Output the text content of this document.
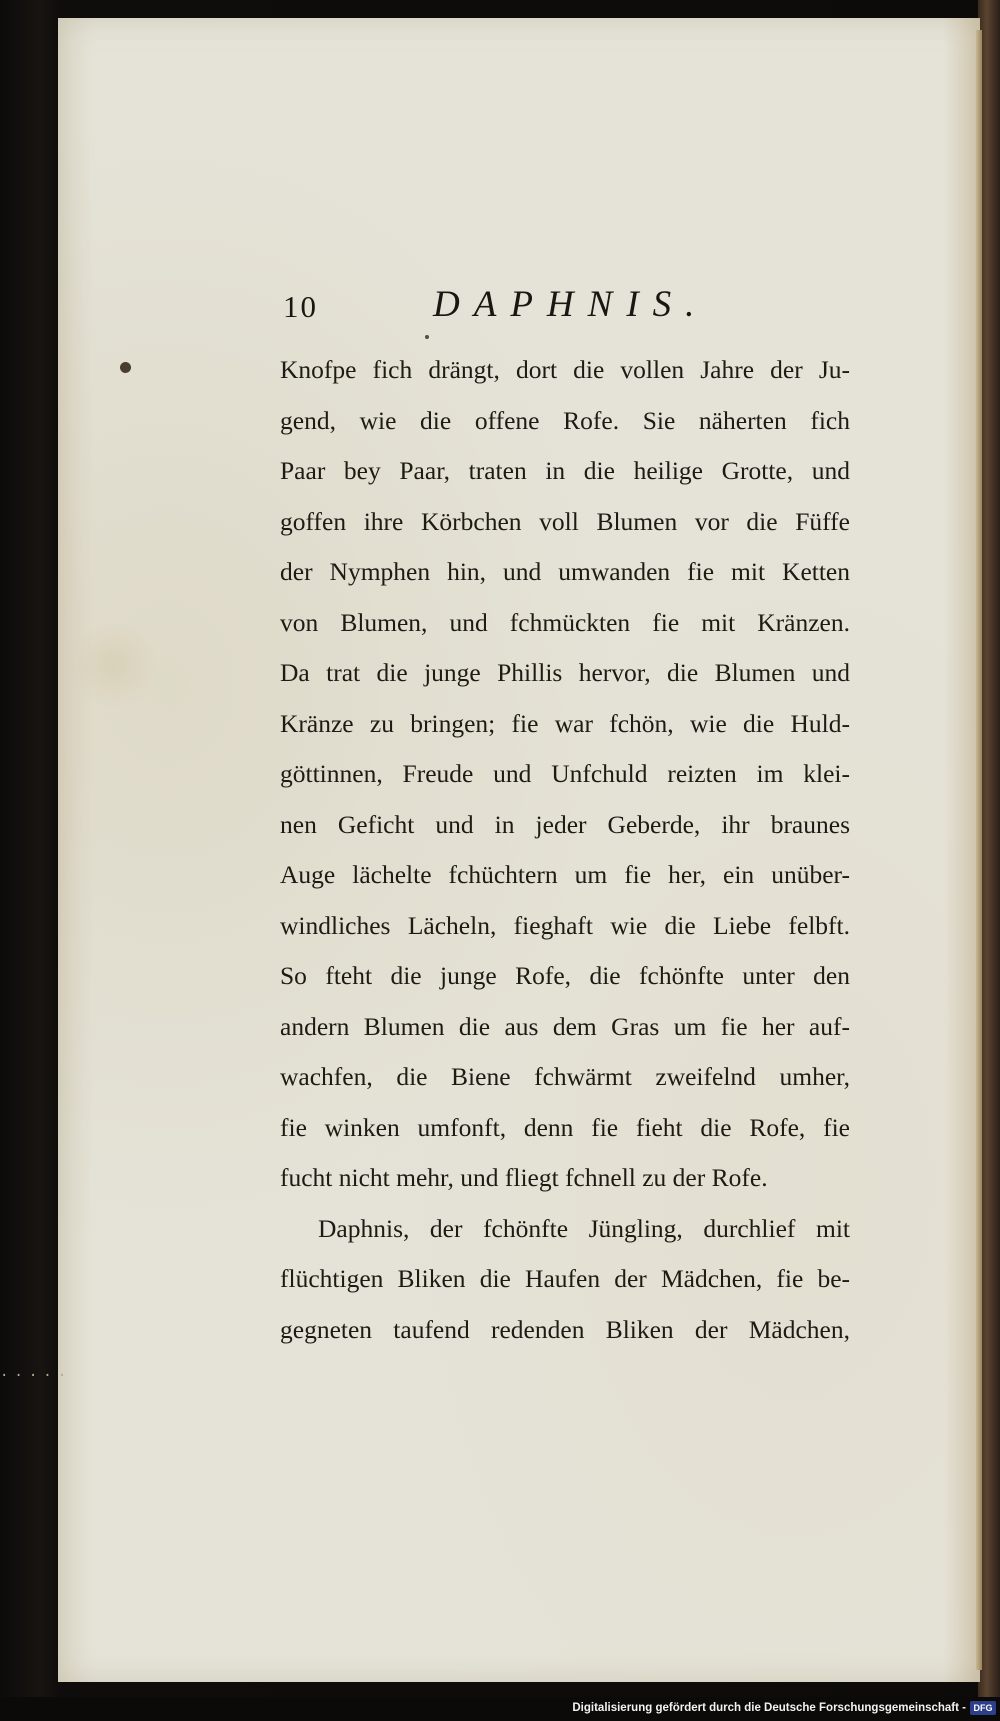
·····
10	DAPHNIS.
Knofpe fich drängt, dort die vollen Jahre der Ju-
gend, wie die offene Rofe. Sie näherten fich
Paar bey Paar, traten in die heilige Grotte, und
goffen ihre Körbchen voll Blumen vor die Füffe
der Nymphen hin, und umwanden fie mit Ketten
von Blumen, und fchmückten fie mit Kränzen.
Da trat die junge Phillis hervor, die Blumen und
Kränze zu bringen; fie war fchön, wie die Huld-
göttinnen, Freude und Unfchuld reizten im klei-
nen Geficht und in jeder Geberde, ihr braunes
Auge lächelte fchüchtern um fie her, ein unüber-
windliches Lächeln, fieghaft wie die Liebe felbft.
So fteht die junge Rofe, die fchönfte unter den
andern Blumen die aus dem Gras um fie her auf-
wachfen, die Biene fchwärmt zweifelnd umher,
fie winken umfonft, denn fie fieht die Rofe, fie
fucht nicht mehr, und fliegt fchnell zu der Rofe.
Daphnis, der fchönfte Jüngling, durchlief mit
flüchtigen Bliken die Haufen der Mädchen, fie be-
gegneten taufend redenden Bliken der Mädchen,
Digitalisierung gefördert durch die Deutsche Forschungsgemeinschaft - DFG
